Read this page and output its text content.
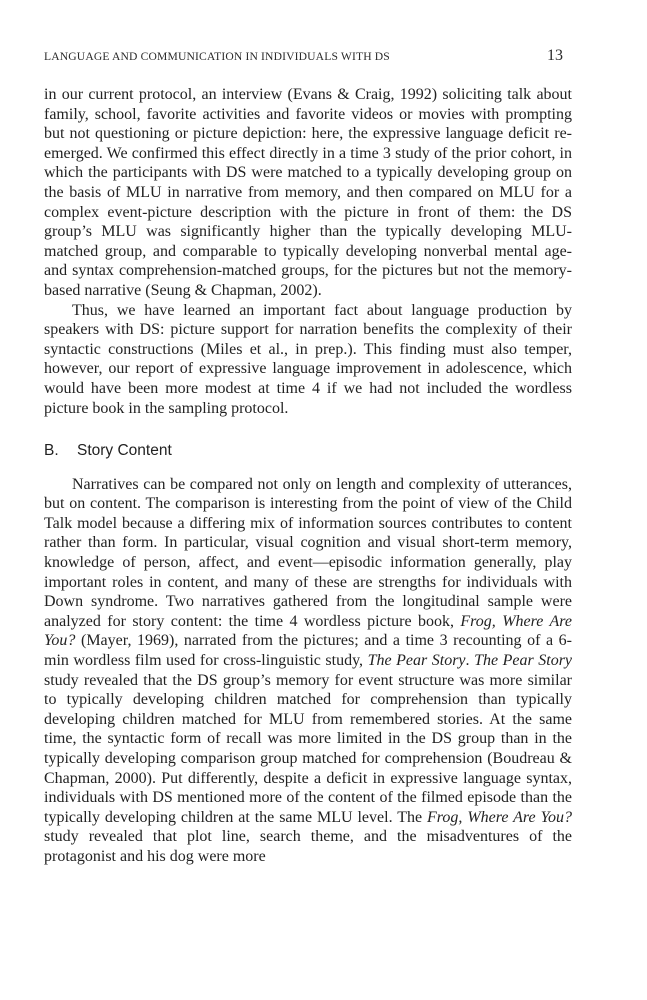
LANGUAGE AND COMMUNICATION IN INDIVIDUALS WITH DS	13

in our current protocol, an interview (Evans & Craig, 1992) soliciting talk about family, school, favorite activities and favorite videos or movies with prompting but not questioning or picture depiction: here, the expressive language deficit re-emerged. We confirmed this effect directly in a time 3 study of the prior cohort, in which the participants with DS were matched to a typically developing group on the basis of MLU in narrative from memory, and then compared on MLU for a complex event-picture description with the picture in front of them: the DS group’s MLU was significantly higher than the typically developing MLU-matched group, and comparable to typically developing nonverbal mental age- and syntax comprehension-matched groups, for the pictures but not the memory-based narrative (Seung & Chapman, 2002).

Thus, we have learned an important fact about language production by speakers with DS: picture support for narration benefits the complexity of their syntactic constructions (Miles et al., in prep.). This finding must also temper, however, our report of expressive language improvement in adolescence, which would have been more modest at time 4 if we had not included the wordless picture book in the sampling protocol.

B. Story Content

Narratives can be compared not only on length and complexity of utterances, but on content. The comparison is interesting from the point of view of the Child Talk model because a differing mix of information sources contributes to content rather than form. In particular, visual cognition and visual short-term memory, knowledge of person, affect, and event—episodic information generally, play important roles in content, and many of these are strengths for individuals with Down syndrome. Two narratives gathered from the longitudinal sample were analyzed for story content: the time 4 wordless picture book, Frog, Where Are You? (Mayer, 1969), narrated from the pictures; and a time 3 recounting of a 6-min wordless film used for cross-linguistic study, The Pear Story. The Pear Story study revealed that the DS group’s memory for event structure was more similar to typically developing children matched for comprehension than typically developing children matched for MLU from remembered stories. At the same time, the syntactic form of recall was more limited in the DS group than in the typically developing comparison group matched for comprehension (Boudreau & Chapman, 2000). Put differently, despite a deficit in expressive language syntax, individuals with DS mentioned more of the content of the filmed episode than the typically developing children at the same MLU level. The Frog, Where Are You? study revealed that plot line, search theme, and the misadventures of the protagonist and his dog were more
